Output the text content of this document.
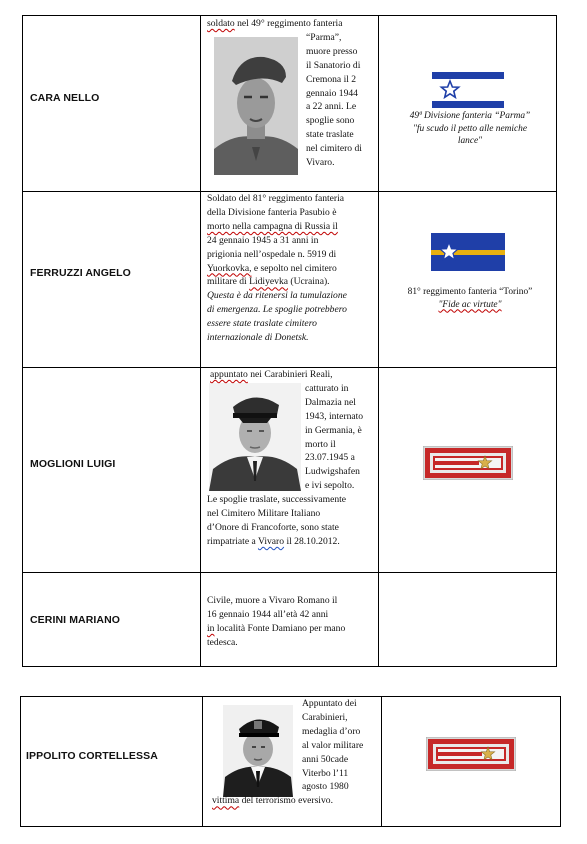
CARA NELLO

soldato nel 49° reggimento fanteria

“Parma”,

muore presso

il Sanatorio di

Cremona il 2

gennaio 1944

a 22 anni. Le

spoglie sono

state traslate

nel cimitero di

Vivaro.

49ª Divisione fanteria “Parma”
"fu scudo il petto alle nemiche
lance"
FERRUZZI ANGELO

Soldato del 81° reggimento fanteria

della Divisione fanteria Pasubio è

morto nella campagna di Russia il

24 gennaio 1945 a 31 anni in

prigionia nell’ospedale n. 5919 di

Yuorkovka, e sepolto nel cimitero

militare di Lidiyevka (Ucraina).

Questa è da ritenersi la tumulazione

di emergenza. Le spoglie potrebbero

essere state traslate cimitero

internazionale di Donetsk.

81° reggimento fanteria “Torino”
"Fide ac virtute"
MOGLIONI LUIGI

appuntato nei Carabinieri Reali,

catturato in

Dalmazia nel

1943, internato

in Germania, è

morto il

23.07.1945 a

Ludwigshafen

e ivi sepolto.

Le spoglie traslate, successivamente

nel Cimitero Militare Italiano

d’Onore di Francoforte, sono state

rimpatriate a Vivaro il 28.10.2012.

CERINI MARIANO

Civile, muore a Vivaro Romano il

16 gennaio 1944 all’età 42 anni

in località Fonte Damiano per mano

tedesca.

IPPOLITO CORTELLESSA

Appuntato dei

Carabinieri,

medaglia d’oro

al valor militare

anni 50cade

Viterbo l’11

agosto 1980

vittima del terrorismo eversivo.
